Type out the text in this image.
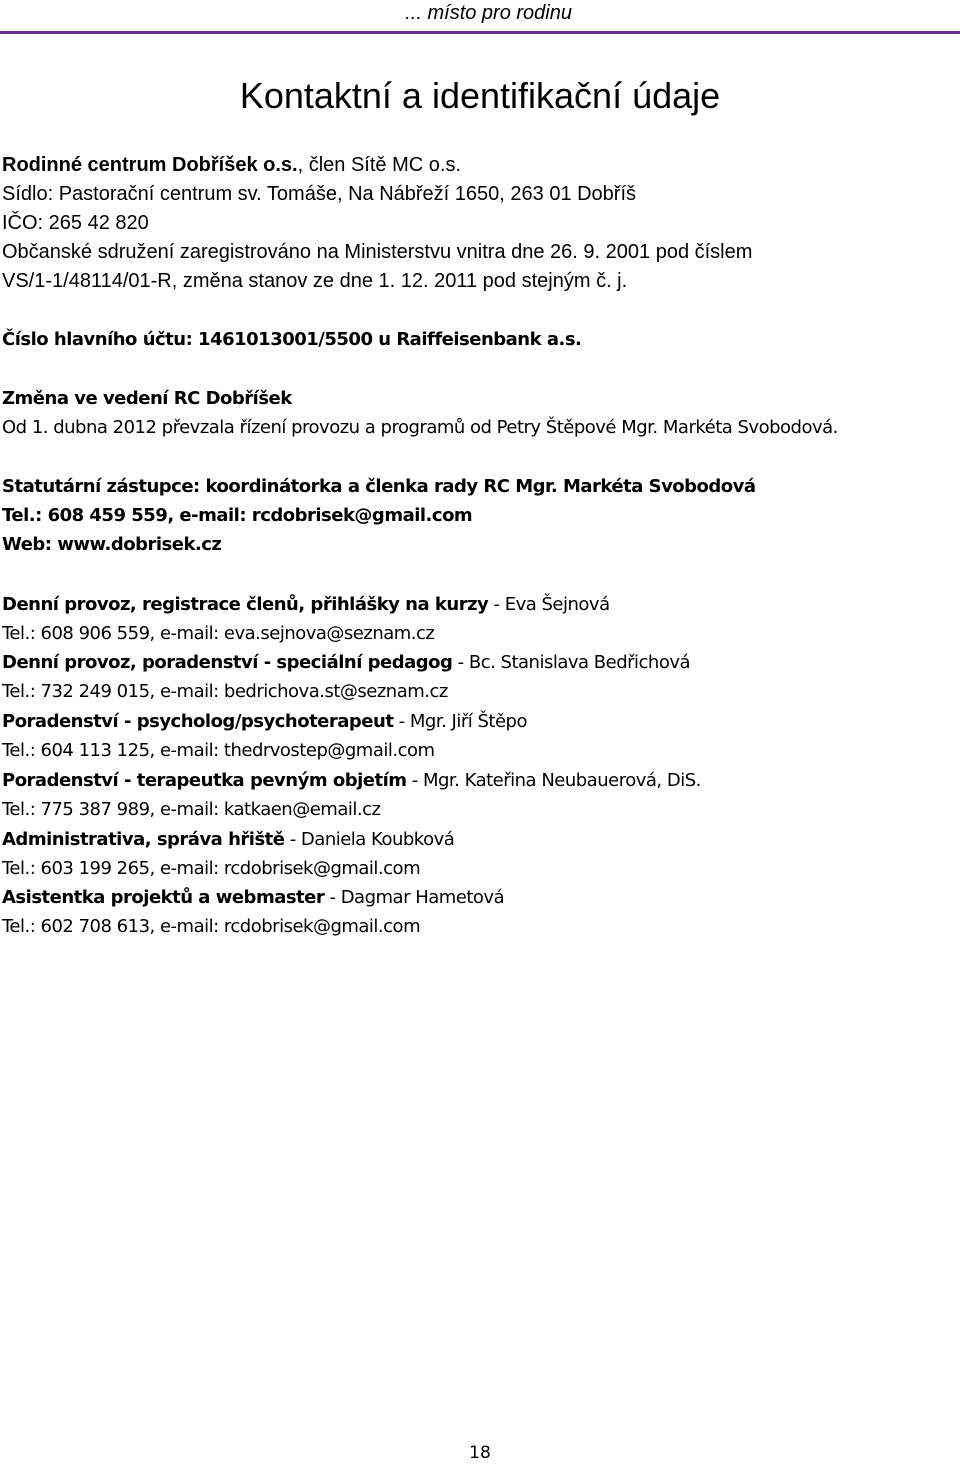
... místo pro rodinu
Kontaktní a identifikační údaje
Rodinné centrum Dobříšek o.s., člen Sítě MC o.s.
Sídlo: Pastorační centrum sv. Tomáše, Na Nábřeží 1650, 263 01 Dobříš
IČO: 265 42 820
Občanské sdružení zaregistrováno na Ministerstvu vnitra dne 26. 9. 2001 pod číslem
VS/1-1/48114/01-R, změna stanov ze dne 1. 12. 2011 pod stejným č. j.
Číslo hlavního účtu: 1461013001/5500 u Raiffeisenbank a.s.
Změna ve vedení RC Dobříšek
Od 1. dubna 2012 převzala řízení provozu a programů od Petry Štěpové Mgr. Markéta Svobodová.
Statutární zástupce: koordinátorka a členka rady RC Mgr. Markéta Svobodová
Tel.: 608 459 559, e-mail: rcdobrisek@gmail.com
Web: www.dobrisek.cz
Denní provoz, registrace členů, přihlášky na kurzy - Eva Šejnová
Tel.: 608 906 559, e-mail: eva.sejnova@seznam.cz
Denní provoz, poradenství - speciální pedagog - Bc. Stanislava Bedřichová
Tel.: 732 249 015, e-mail: bedrichova.st@seznam.cz
Poradenství - psycholog/psychoterapeut - Mgr. Jiří Štěpo
Tel.: 604 113 125, e-mail: thedrvostep@gmail.com
Poradenství - terapeutka pevným objetím - Mgr. Kateřina Neubauerová, DiS.
Tel.: 775 387 989, e-mail: katkaen@email.cz
Administrativa, správa hřiště - Daniela Koubková
Tel.: 603 199 265, e-mail: rcdobrisek@gmail.com
Asistentka projektů a webmaster - Dagmar Hametová
Tel.: 602 708 613, e-mail: rcdobrisek@gmail.com
18
